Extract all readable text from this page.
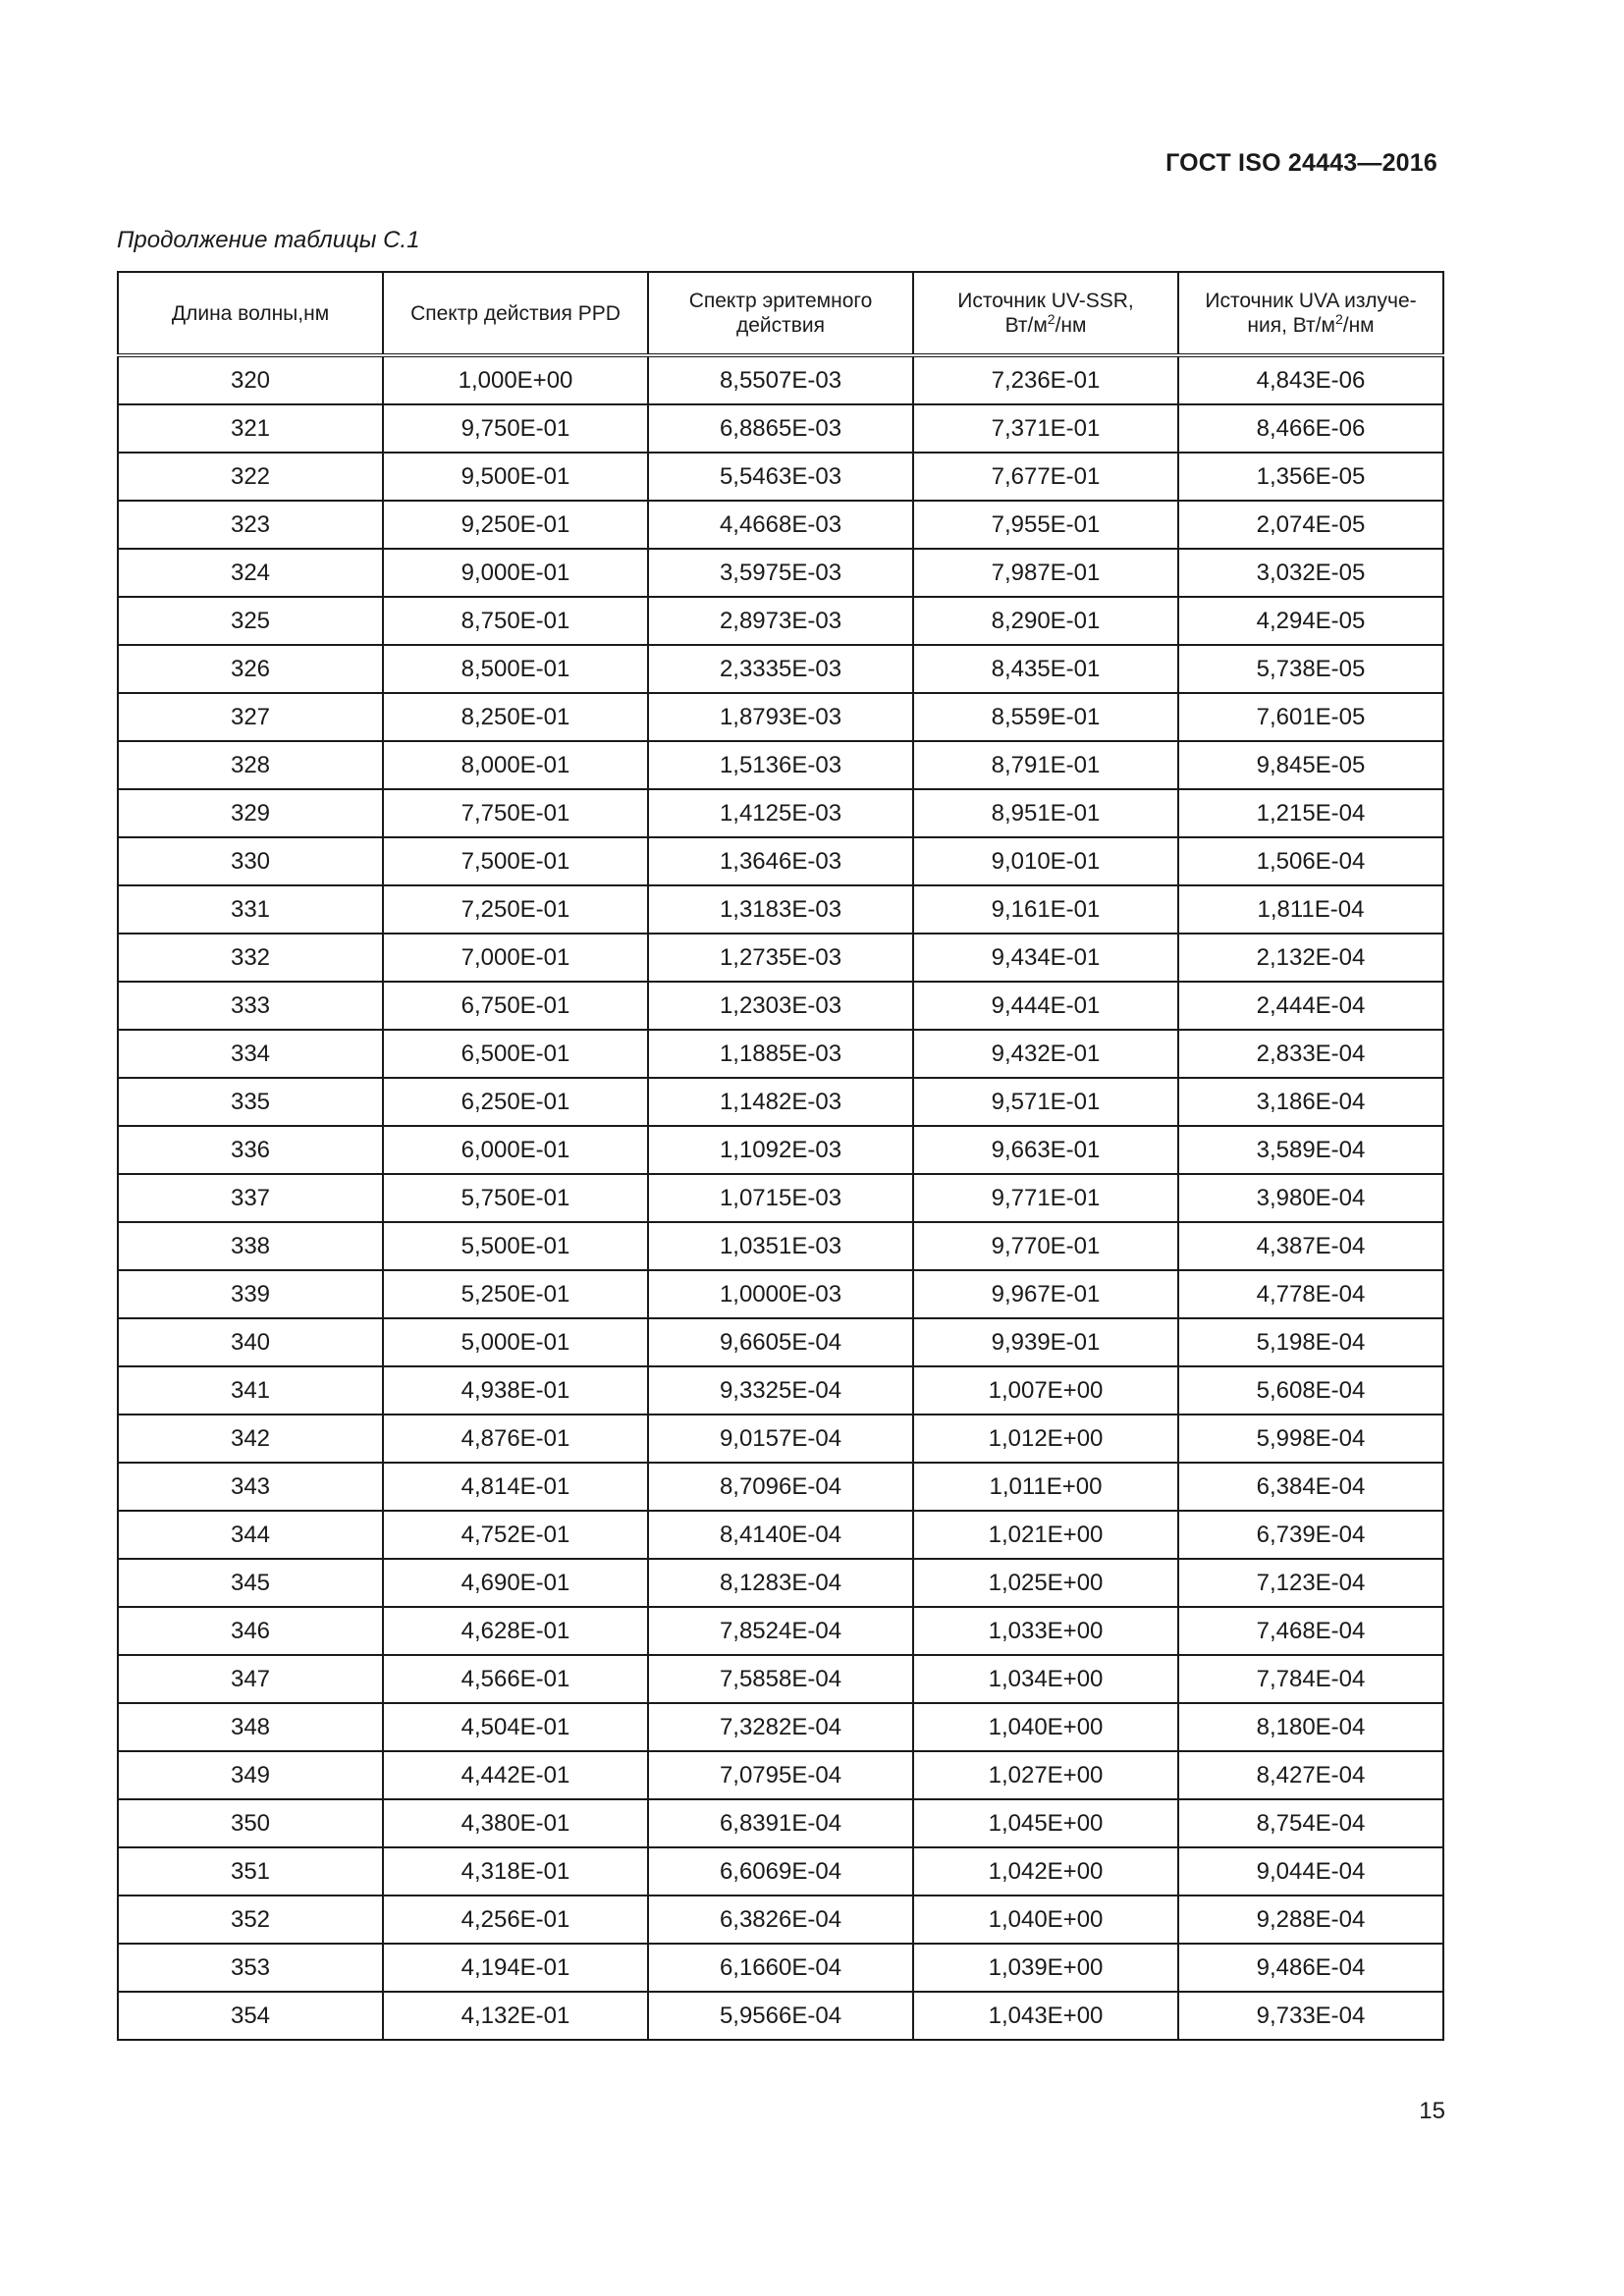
ГОСТ ISO 24443—2016
Продолжение таблицы С.1
Длина волны,нм	Спектр действия PPD	Спектр эритемного действия	Источник UV-SSR, $Вт/м^2/нм$	Источник UVA излучения, $Вт/м^2/нм$
320	1,000E+00	8,5507E-03	7,236E-01	4,843E-06
321	9,750E-01	6,8865E-03	7,371E-01	8,466E-06
322	9,500E-01	5,5463E-03	7,677E-01	1,356E-05
323	9,250E-01	4,4668E-03	7,955E-01	2,074E-05
324	9,000E-01	3,5975E-03	7,987E-01	3,032E-05
325	8,750E-01	2,8973E-03	8,290E-01	4,294E-05
326	8,500E-01	2,3335E-03	8,435E-01	5,738E-05
327	8,250E-01	1,8793E-03	8,559E-01	7,601E-05
328	8,000E-01	1,5136E-03	8,791E-01	9,845E-05
329	7,750E-01	1,4125E-03	8,951E-01	1,215E-04
330	7,500E-01	1,3646E-03	9,010E-01	1,506E-04
331	7,250E-01	1,3183E-03	9,161E-01	1,811E-04
332	7,000E-01	1,2735E-03	9,434E-01	2,132E-04
333	6,750E-01	1,2303E-03	9,444E-01	2,444E-04
334	6,500E-01	1,1885E-03	9,432E-01	2,833E-04
335	6,250E-01	1,1482E-03	9,571E-01	3,186E-04
336	6,000E-01	1,1092E-03	9,663E-01	3,589E-04
337	5,750E-01	1,0715E-03	9,771E-01	3,980E-04
338	5,500E-01	1,0351E-03	9,770E-01	4,387E-04
339	5,250E-01	1,0000E-03	9,967E-01	4,778E-04
340	5,000E-01	9,6605E-04	9,939E-01	5,198E-04
341	4,938E-01	9,3325E-04	1,007E+00	5,608E-04
342	4,876E-01	9,0157E-04	1,012E+00	5,998E-04
343	4,814E-01	8,7096E-04	1,011E+00	6,384E-04
344	4,752E-01	8,4140E-04	1,021E+00	6,739E-04
345	4,690E-01	8,1283E-04	1,025E+00	7,123E-04
346	4,628E-01	7,8524E-04	1,033E+00	7,468E-04
347	4,566E-01	7,5858E-04	1,034E+00	7,784E-04
348	4,504E-01	7,3282E-04	1,040E+00	8,180E-04
349	4,442E-01	7,0795E-04	1,027E+00	8,427E-04
350	4,380E-01	6,8391E-04	1,045E+00	8,754E-04
351	4,318E-01	6,6069E-04	1,042E+00	9,044E-04
352	4,256E-01	6,3826E-04	1,040E+00	9,288E-04
353	4,194E-01	6,1660E-04	1,039E+00	9,486E-04
354	4,132E-01	5,9566E-04	1,043E+00	9,733E-04
15
